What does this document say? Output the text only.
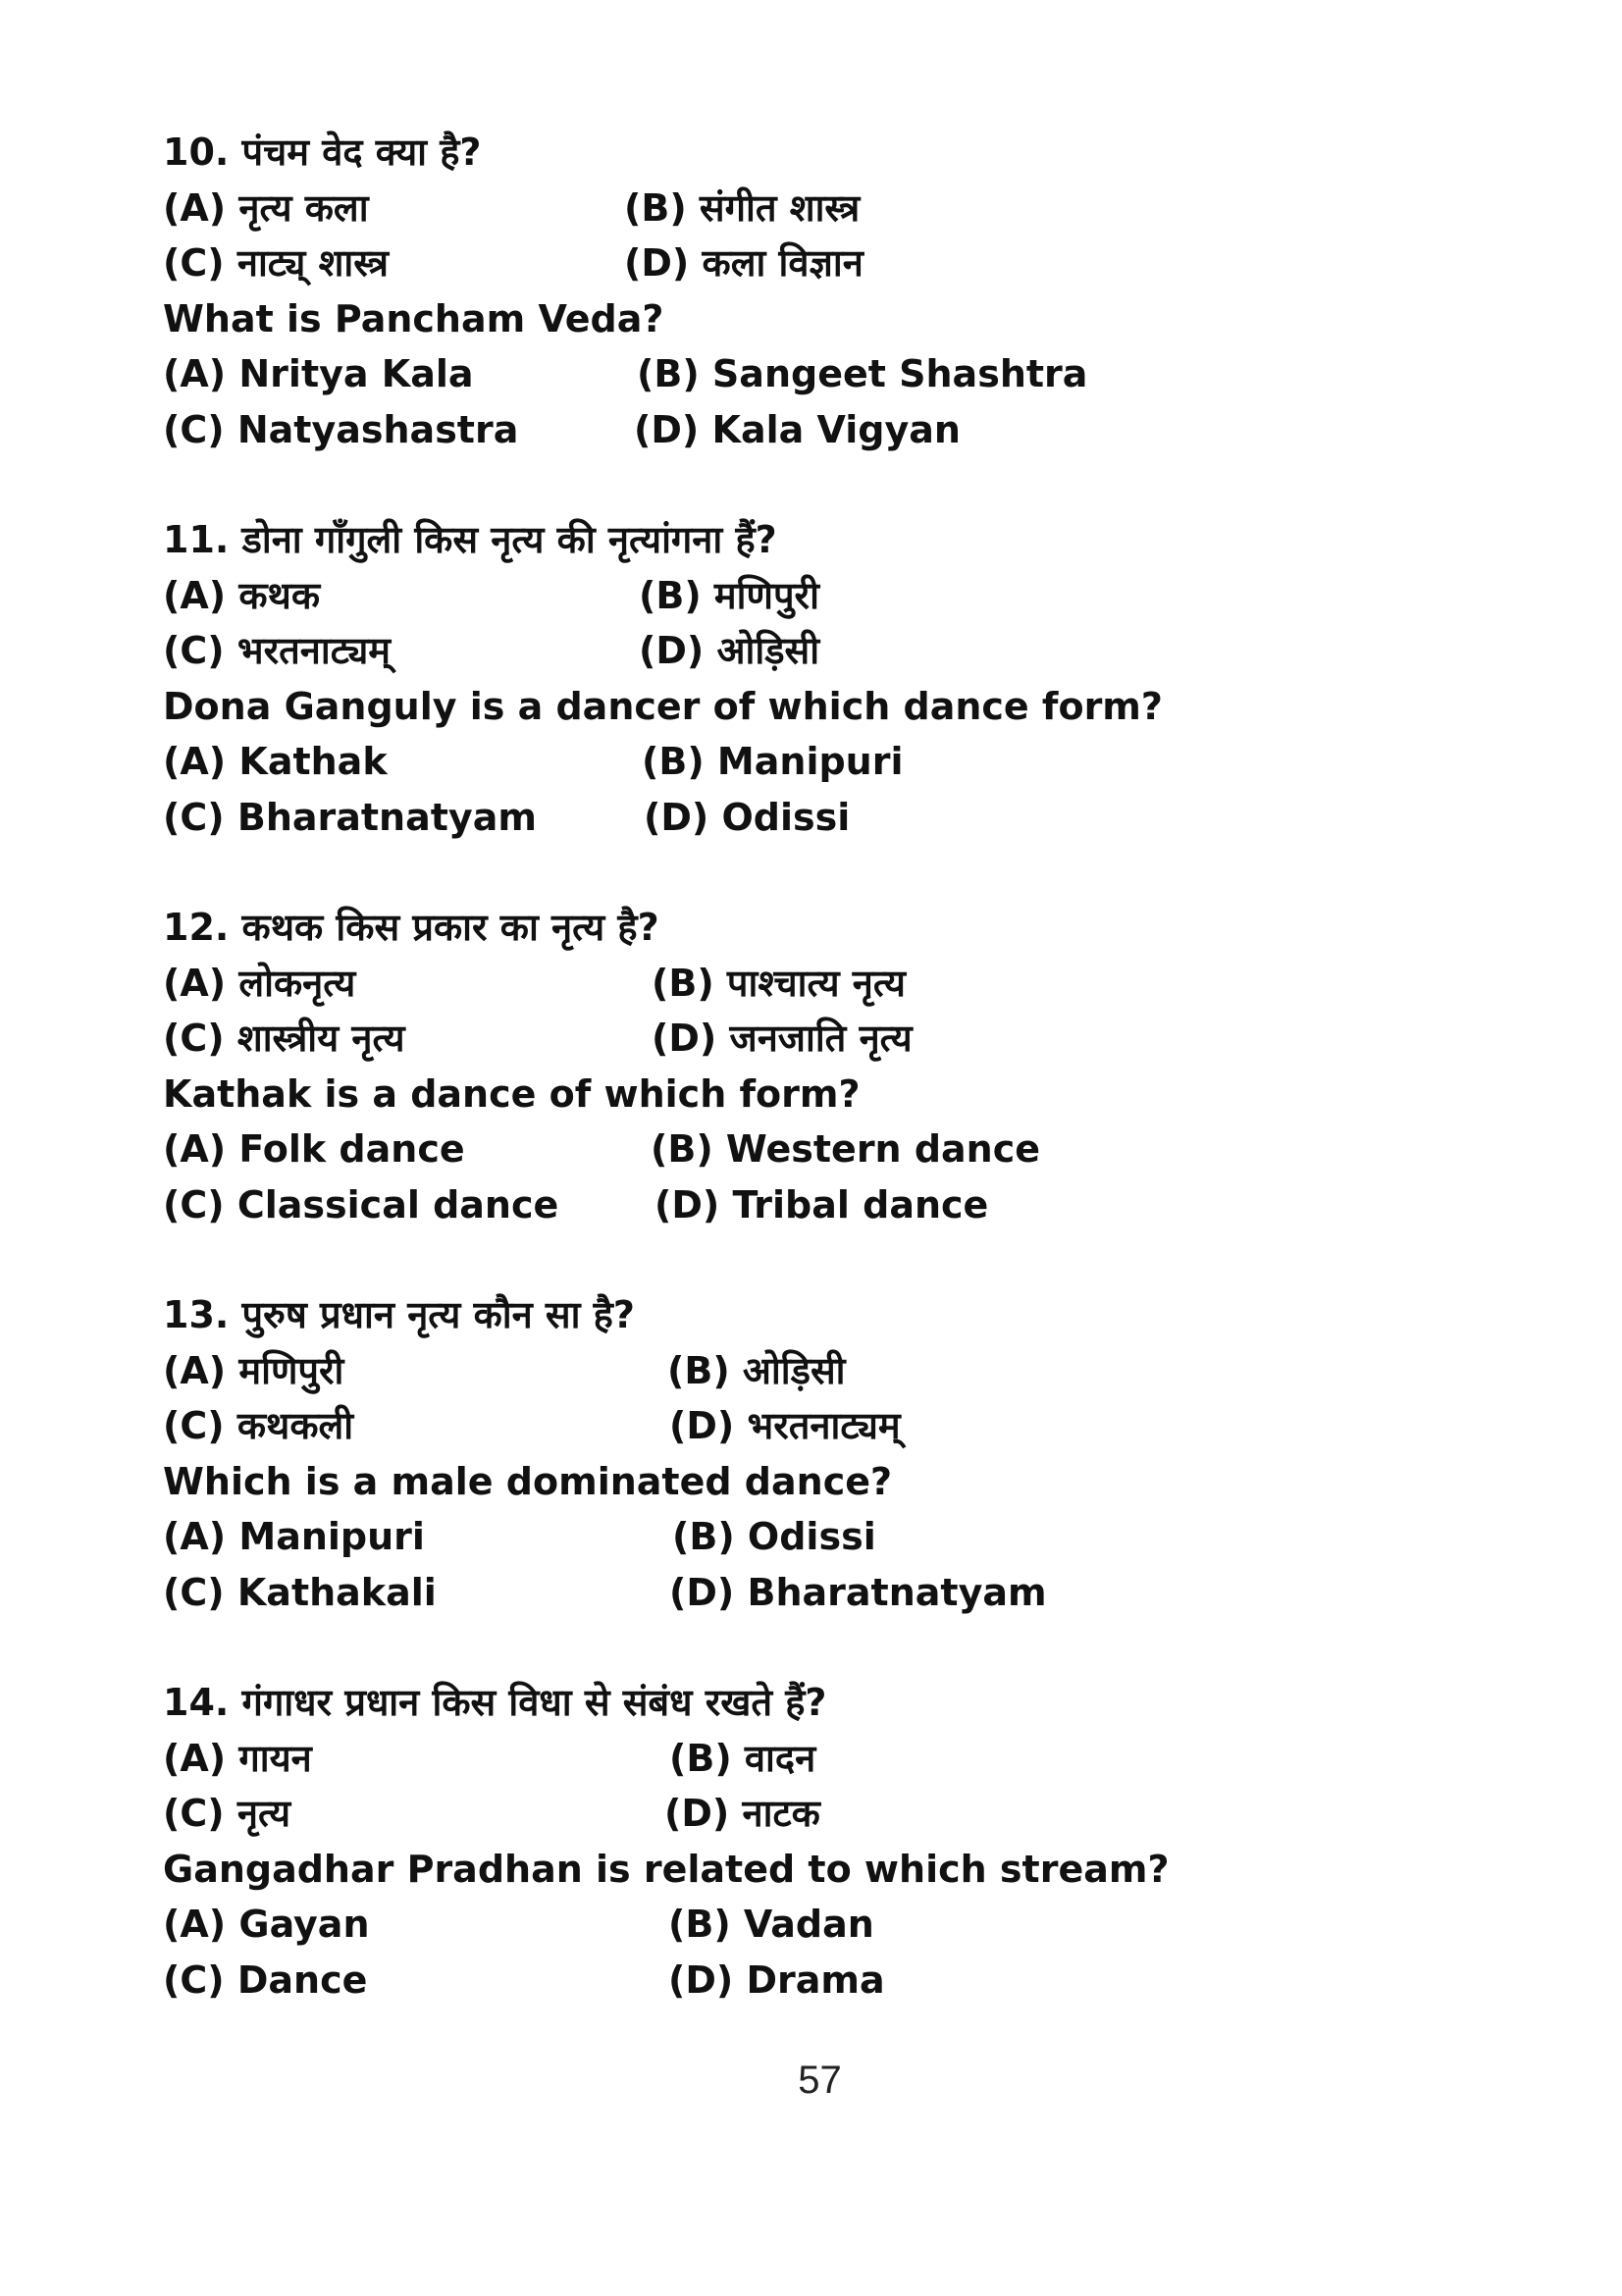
10. पंचम वेद क्या है?
(A) नृत्य कला	(B) संगीत शास्त्र
(C) नाट्य् शास्त्र	(D) कला विज्ञान
What is Pancham Veda?
(A) Nritya Kala	(B) Sangeet Shashtra
(C) Natyashastra	(D) Kala Vigyan
11. डोना गाँगुली किस नृत्य की नृत्यांगना हैं?
(A) कथक	(B) मणिपुरी
(C) भरतनाट्यम्	(D) ओड़िसी
Dona Ganguly is a dancer of which dance form?
(A) Kathak	(B) Manipuri
(C) Bharatnatyam	(D) Odissi
12. कथक किस प्रकार का नृत्य है?
(A) लोकनृत्य	(B) पाश्चात्य नृत्य
(C) शास्त्रीय नृत्य	(D) जनजाति नृत्य
Kathak is a dance of which form?
(A) Folk dance	(B) Western dance
(C) Classical dance	(D) Tribal dance
13. पुरुष प्रधान नृत्य कौन सा है?
(A) मणिपुरी	(B) ओड़िसी
(C) कथकली	(D) भरतनाट्यम्
Which is a male dominated dance?
(A) Manipuri	(B) Odissi
(C) Kathakali	(D) Bharatnatyam
14. गंगाधर प्रधान किस विधा से संबंध रखते हैं?
(A) गायन	(B) वादन
(C) नृत्य	(D) नाटक
Gangadhar Pradhan is related to which stream?
(A) Gayan	(B) Vadan
(C) Dance	(D) Drama
57
